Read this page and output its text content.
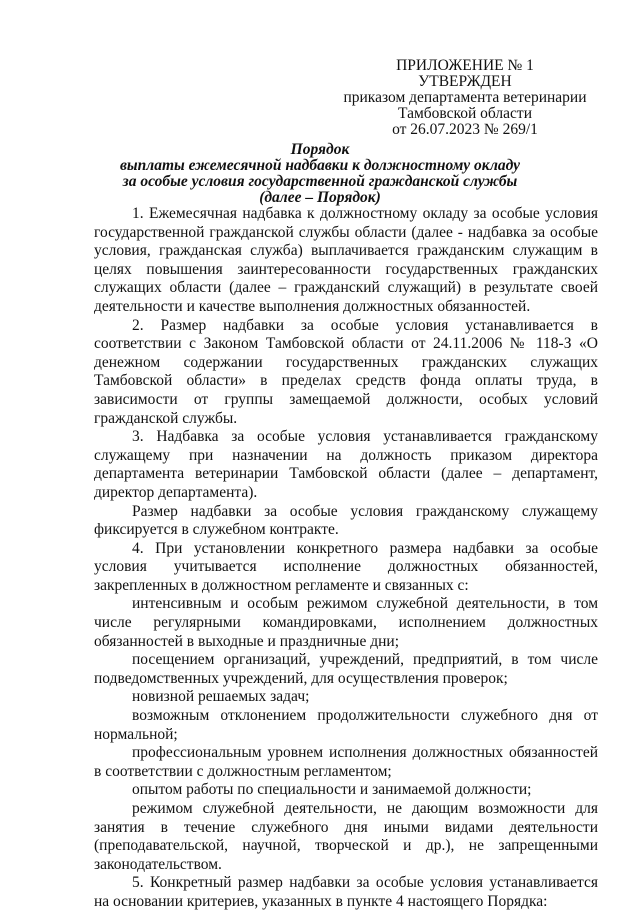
ПРИЛОЖЕНИЕ № 1
УТВЕРЖДЕН
приказом департамента ветеринарии
Тамбовской области
от 26.07.2023 № 269/1
Порядок
выплаты ежемесячной надбавки к должностному окладу
за особые условия государственной гражданской службы
(далее – Порядок)

1. Ежемесячная надбавка к должностному окладу за особые условия государственной гражданской службы области (далее - надбавка за особые условия, гражданская служба) выплачивается гражданским служащим в целях повышения заинтересованности государственных гражданских служащих области (далее – гражданский служащий) в результате своей деятельности и качестве выполнения должностных обязанностей.

2. Размер надбавки за особые условия устанавливается в соответствии с Законом Тамбовской области от 24.11.2006 № 118-З «О денежном содержании государственных гражданских служащих Тамбовской области» в пределах средств фонда оплаты труда, в зависимости от группы замещаемой должности, особых условий гражданской службы.

3. Надбавка за особые условия устанавливается гражданскому служащему при назначении на должность приказом директора департамента ветеринарии Тамбовской области (далее – департамент, директор департамента).

Размер надбавки за особые условия гражданскому служащему фиксируется в служебном контракте.

4. При установлении конкретного размера надбавки за особые условия учитывается исполнение должностных обязанностей, закрепленных в должностном регламенте и связанных с:

интенсивным и особым режимом служебной деятельности, в том числе регулярными командировками, исполнением должностных обязанностей в выходные и праздничные дни;

посещением организаций, учреждений, предприятий, в том числе подведомственных учреждений, для осуществления проверок;

новизной решаемых задач;

возможным отклонением продолжительности служебного дня от нормальной;

профессиональным уровнем исполнения должностных обязанностей в соответствии с должностным регламентом;

опытом работы по специальности и занимаемой должности;

режимом служебной деятельности, не дающим возможности для занятия в течение служебного дня иными видами деятельности (преподавательской, научной, творческой и др.), не запрещенными законодательством.

5. Конкретный размер надбавки за особые условия устанавливается на основании критериев, указанных в пункте 4 настоящего Порядка:
